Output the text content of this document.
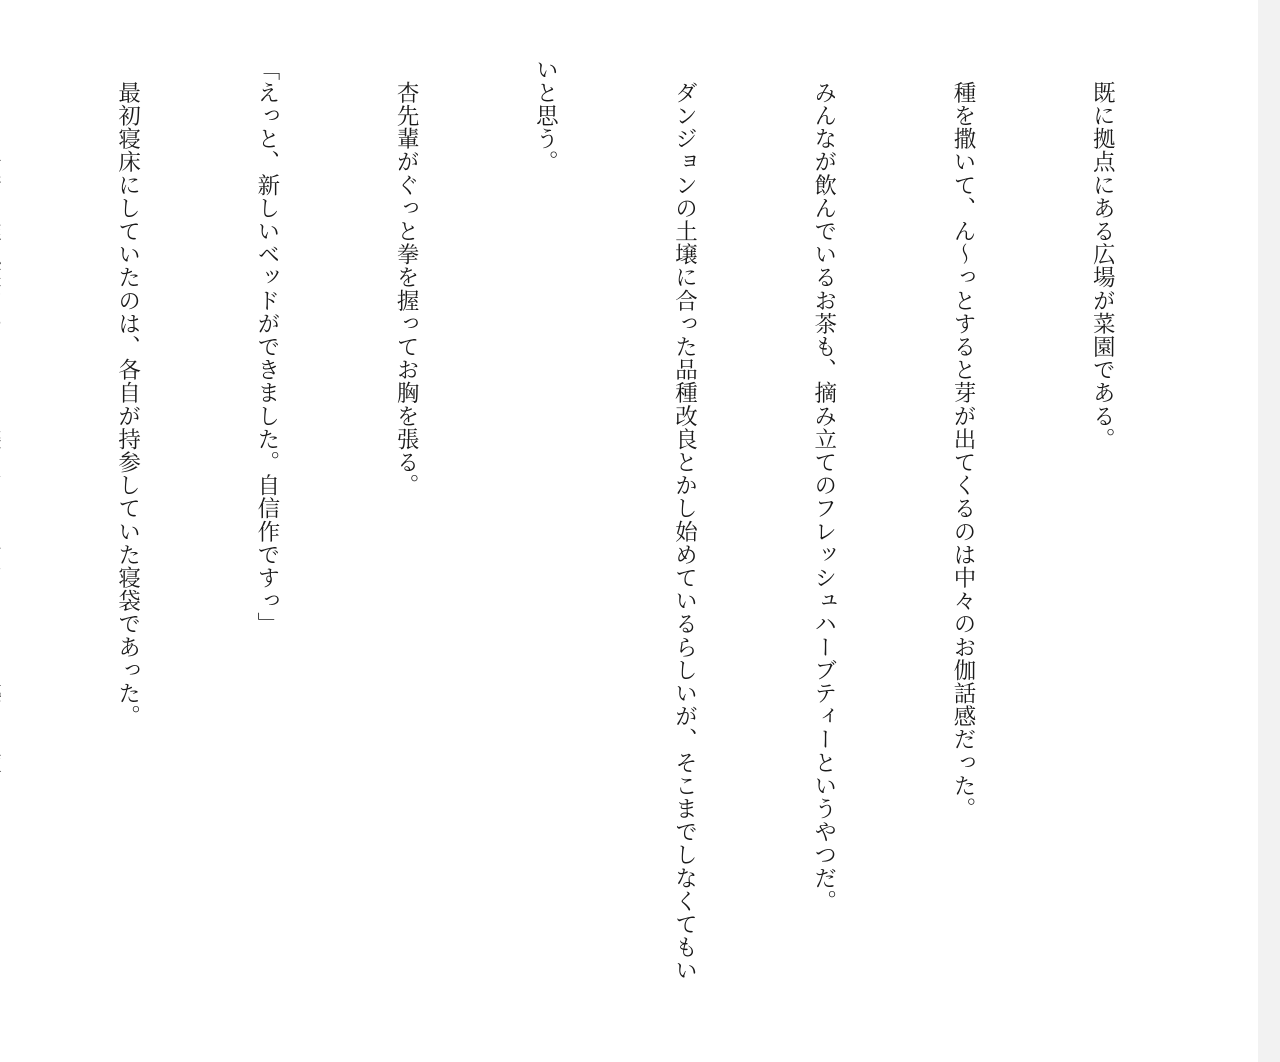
　既に拠点にある広場が菜園である。

　種を撒いて、ん～っとすると芽が出てくるのは中々のお伽話感だった。

　みんなが飲んでいるお茶も、摘み立てのフレッシュハーブティーというやつだ。

　ダンジョンの土壌に合った品種改良とかし始めているらしいが、そこまでしなくてもい

いと思う。

　杏先輩がぐっと拳を握ってお胸を張る。

「えっと、新しいベッドができました。自信作ですっ」

　最初寝床にしていたのは、各自が持参していた寝袋であった。
